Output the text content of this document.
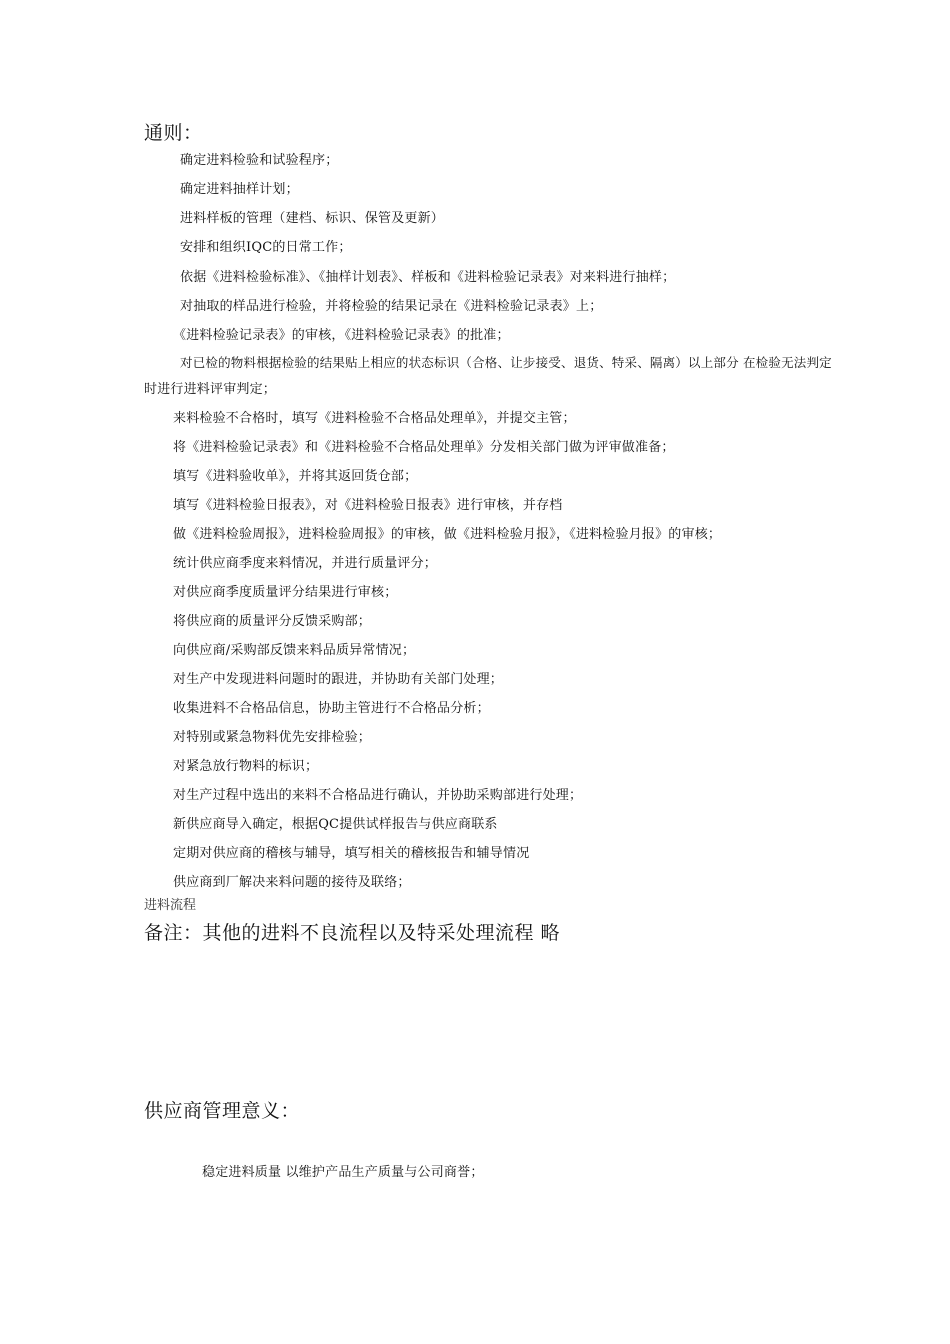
通则：
确定进料检验和试验程序；
确定进料抽样计划；
进料样板的管理（建档、标识、保管及更新）
安排和组织IQC的日常工作；
依据《进料检验标准》、《抽样计划表》、样板和《进料检验记录表》对来料进行抽样；
对抽取的样品进行检验，并将检验的结果记录在《进料检验记录表》上；
《进料检验记录表》的审核，《进料检验记录表》的批准；
对已检的物料根据检验的结果贴上相应的状态标识（合格、让步接受、退货、特采、隔离）以上部分 在检验无法判定
时进行进料评审判定；
来料检验不合格时，填写《进料检验不合格品处理单》，并提交主管；
将《进料检验记录表》和《进料检验不合格品处理单》分发相关部门做为评审做准备；
填写《进料验收单》，并将其返回货仓部；
填写《进料检验日报表》，对《进料检验日报表》进行审核，并存档
做《进料检验周报》，进料检验周报》的审核，做《进料检验月报》，《进料检验月报》的审核；
统计供应商季度来料情况，并进行质量评分；
对供应商季度质量评分结果进行审核；
将供应商的质量评分反馈采购部；
向供应商/采购部反馈来料品质异常情况；
对生产中发现进料问题时的跟进，并协助有关部门处理；
收集进料不合格品信息，协助主管进行不合格品分析；
对特别或紧急物料优先安排检验；
对紧急放行物料的标识；
对生产过程中选出的来料不合格品进行确认，并协助采购部进行处理；
新供应商导入确定，根据QC提供试样报告与供应商联系
定期对供应商的稽核与辅导，填写相关的稽核报告和辅导情况
供应商到厂解决来料问题的接待及联络；
进料流程
备注：其他的进料不良流程以及特采处理流程 略
供应商管理意义：
稳定进料质量 以维护产品生产质量与公司商誉；
